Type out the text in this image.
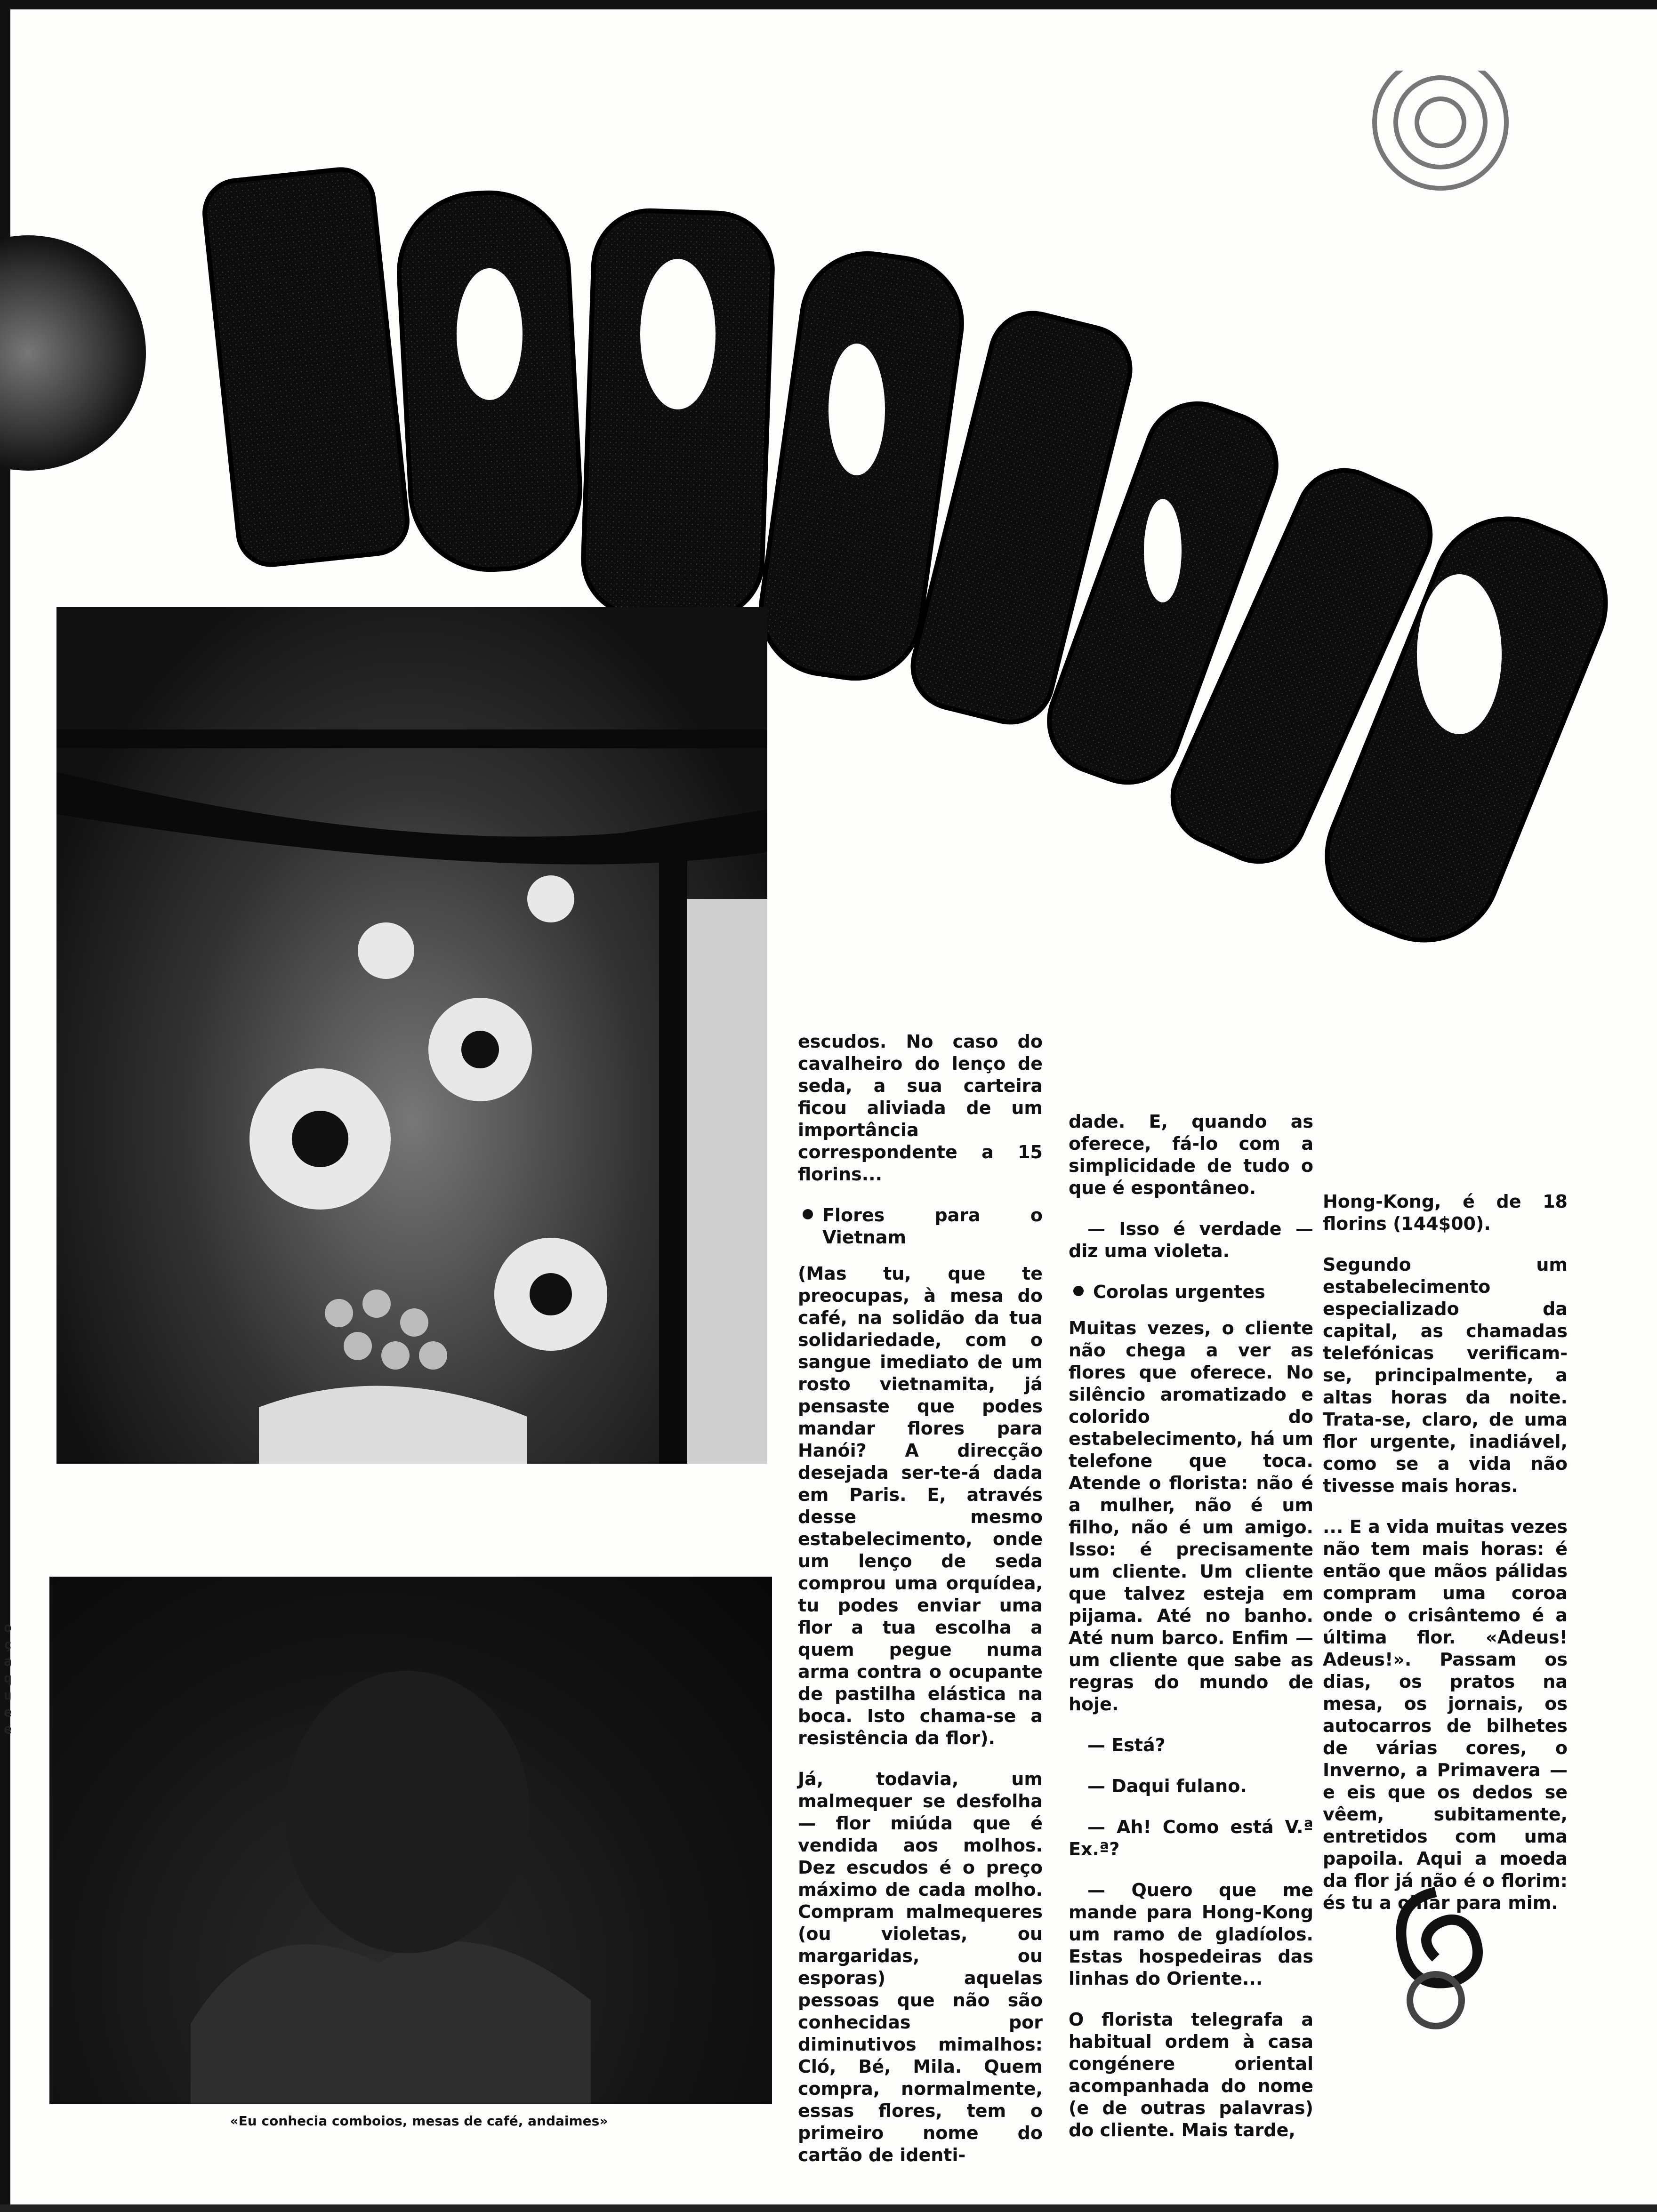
«Eu conhecia comboios, mesas de café, andaimes»
oçaquee

escudos. No caso do cavalheiro do lenço de seda, a sua carteira ficou aliviada de um importância correspondente a 15 florins...

Flores para o Vietnam

(Mas tu, que te preocupas, à mesa do café, na solidão da tua solidariedade, com o sangue imediato de um rosto vietnamita, já pensaste que podes mandar flores para Hanói? A direcção desejada ser-te-á dada em Paris. E, através desse mesmo estabelecimento, onde um lenço de seda comprou uma orquídea, tu podes enviar uma flor a tua escolha a quem pegue numa arma contra o ocupante de pastilha elástica na boca. Isto chama-se a resistência da flor).

Já, todavia, um malmequer se desfolha — flor miúda que é vendida aos molhos. Dez escudos é o preço máximo de cada molho. Compram malmequeres (ou violetas, ou margaridas, ou esporas) aquelas pessoas que não são conhecidas por diminutivos mimalhos: Cló, Bé, Mila. Quem compra, normalmente, essas flores, tem o primeiro nome do cartão de identi-

dade. E, quando as oferece, fá-lo com a simplicidade de tudo o que é espontâneo.

— Isso é verdade — diz uma violeta.

Corolas urgentes

Muitas vezes, o cliente não chega a ver as flores que oferece. No silêncio aromatizado e colorido do estabelecimento, há um telefone que toca. Atende o florista: não é a mulher, não é um filho, não é um amigo. Isso: é precisamente um cliente. Um cliente que talvez esteja em pijama. Até no banho. Até num barco. Enfim — um cliente que sabe as regras do mundo de hoje.

— Está?

— Daqui fulano.

— Ah! Como está V.ª Ex.ª?

— Quero que me mande para Hong-Kong um ramo de gladíolos. Estas hospedeiras das linhas do Oriente...

O florista telegrafa a habitual ordem à casa congénere oriental acompanhada do nome (e de outras palavras) do cliente. Mais tarde,

Hong-Kong, é de 18 florins (144$00).

Segundo um estabelecimento especializado da capital, as chamadas telefónicas verificam-se, principalmente, a altas horas da noite. Trata-se, claro, de uma flor urgente, inadiável, como se a vida não tivesse mais horas.

... E a vida muitas vezes não tem mais horas: é então que mãos pálidas compram uma coroa onde o crisântemo é a última flor. «Adeus! Adeus!». Passam os dias, os pratos na mesa, os jornais, os autocarros de bilhetes de várias cores, o Inverno, a Primavera — e eis que os dedos se vêem, subitamente, entretidos com uma papoila. Aqui a moeda da flor já não é o florim: és tu a olhar para mim.
